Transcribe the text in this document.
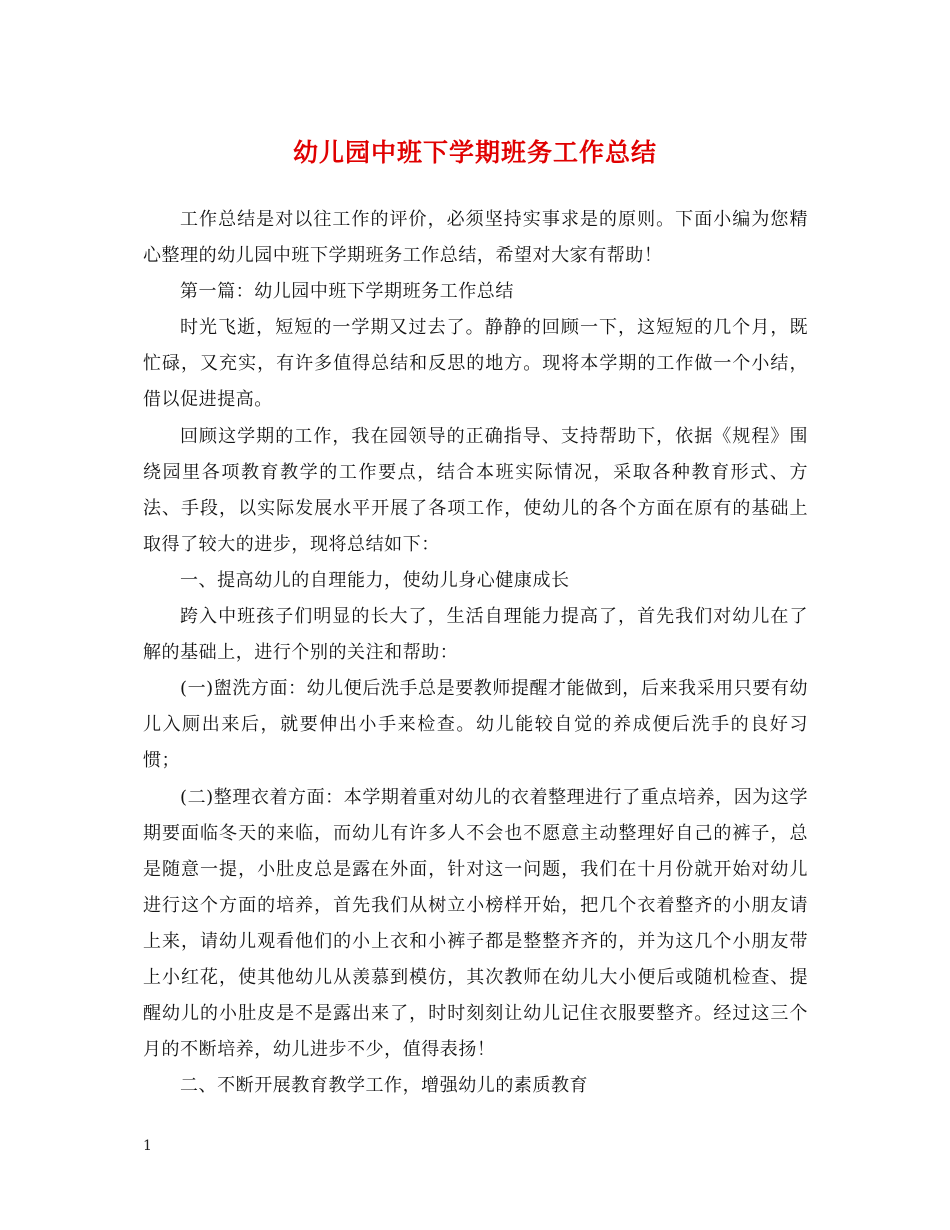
幼儿园中班下学期班务工作总结

工作总结是对以往工作的评价，必须坚持实事求是的原则。下面小编为您精心整理的幼儿园中班下学期班务工作总结，希望对大家有帮助！

第一篇：幼儿园中班下学期班务工作总结

时光飞逝，短短的一学期又过去了。静静的回顾一下，这短短的几个月，既忙碌，又充实，有许多值得总结和反思的地方。现将本学期的工作做一个小结，借以促进提高。

回顾这学期的工作，我在园领导的正确指导、支持帮助下，依据《规程》围绕园里各项教育教学的工作要点，结合本班实际情况，采取各种教育形式、方法、手段，以实际发展水平开展了各项工作，使幼儿的各个方面在原有的基础上取得了较大的进步，现将总结如下：

一、提高幼儿的自理能力，使幼儿身心健康成长

跨入中班孩子们明显的长大了，生活自理能力提高了，首先我们对幼儿在了解的基础上，进行个别的关注和帮助：

(一)盥洗方面：幼儿便后洗手总是要教师提醒才能做到，后来我采用只要有幼儿入厕出来后，就要伸出小手来检查。幼儿能较自觉的养成便后洗手的良好习惯；

(二)整理衣着方面：本学期着重对幼儿的衣着整理进行了重点培养，因为这学期要面临冬天的来临，而幼儿有许多人不会也不愿意主动整理好自己的裤子，总是随意一提，小肚皮总是露在外面，针对这一问题，我们在十月份就开始对幼儿进行这个方面的培养，首先我们从树立小榜样开始，把几个衣着整齐的小朋友请上来，请幼儿观看他们的小上衣和小裤子都是整整齐齐的，并为这几个小朋友带上小红花，使其他幼儿从羡慕到模仿，其次教师在幼儿大小便后或随机检查、提醒幼儿的小肚皮是不是露出来了，时时刻刻让幼儿记住衣服要整齐。经过这三个月的不断培养，幼儿进步不少，值得表扬！

二、不断开展教育教学工作，增强幼儿的素质教育

1
